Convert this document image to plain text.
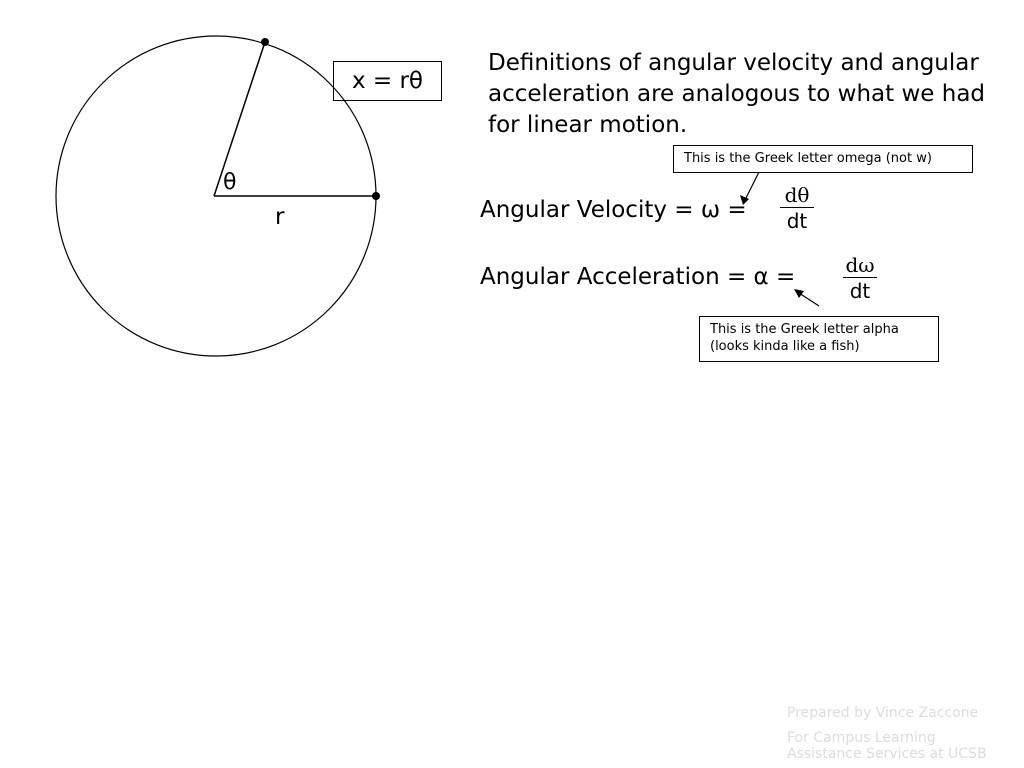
x = rθ
θ
r

Definitions of angular velocity and angular acceleration are analogous to what we had for linear motion.

This is the Greek letter omega (not w)
Angular Velocity = $\omega = \frac{d\theta}{dt}$
Angular Acceleration = $\alpha = \frac{d\omega}{dt}$
This is the Greek letter alpha
(looks kinda like a fish)
Prepared by Vince Zaccone
For Campus Learning
Assistance Services at UCSB
